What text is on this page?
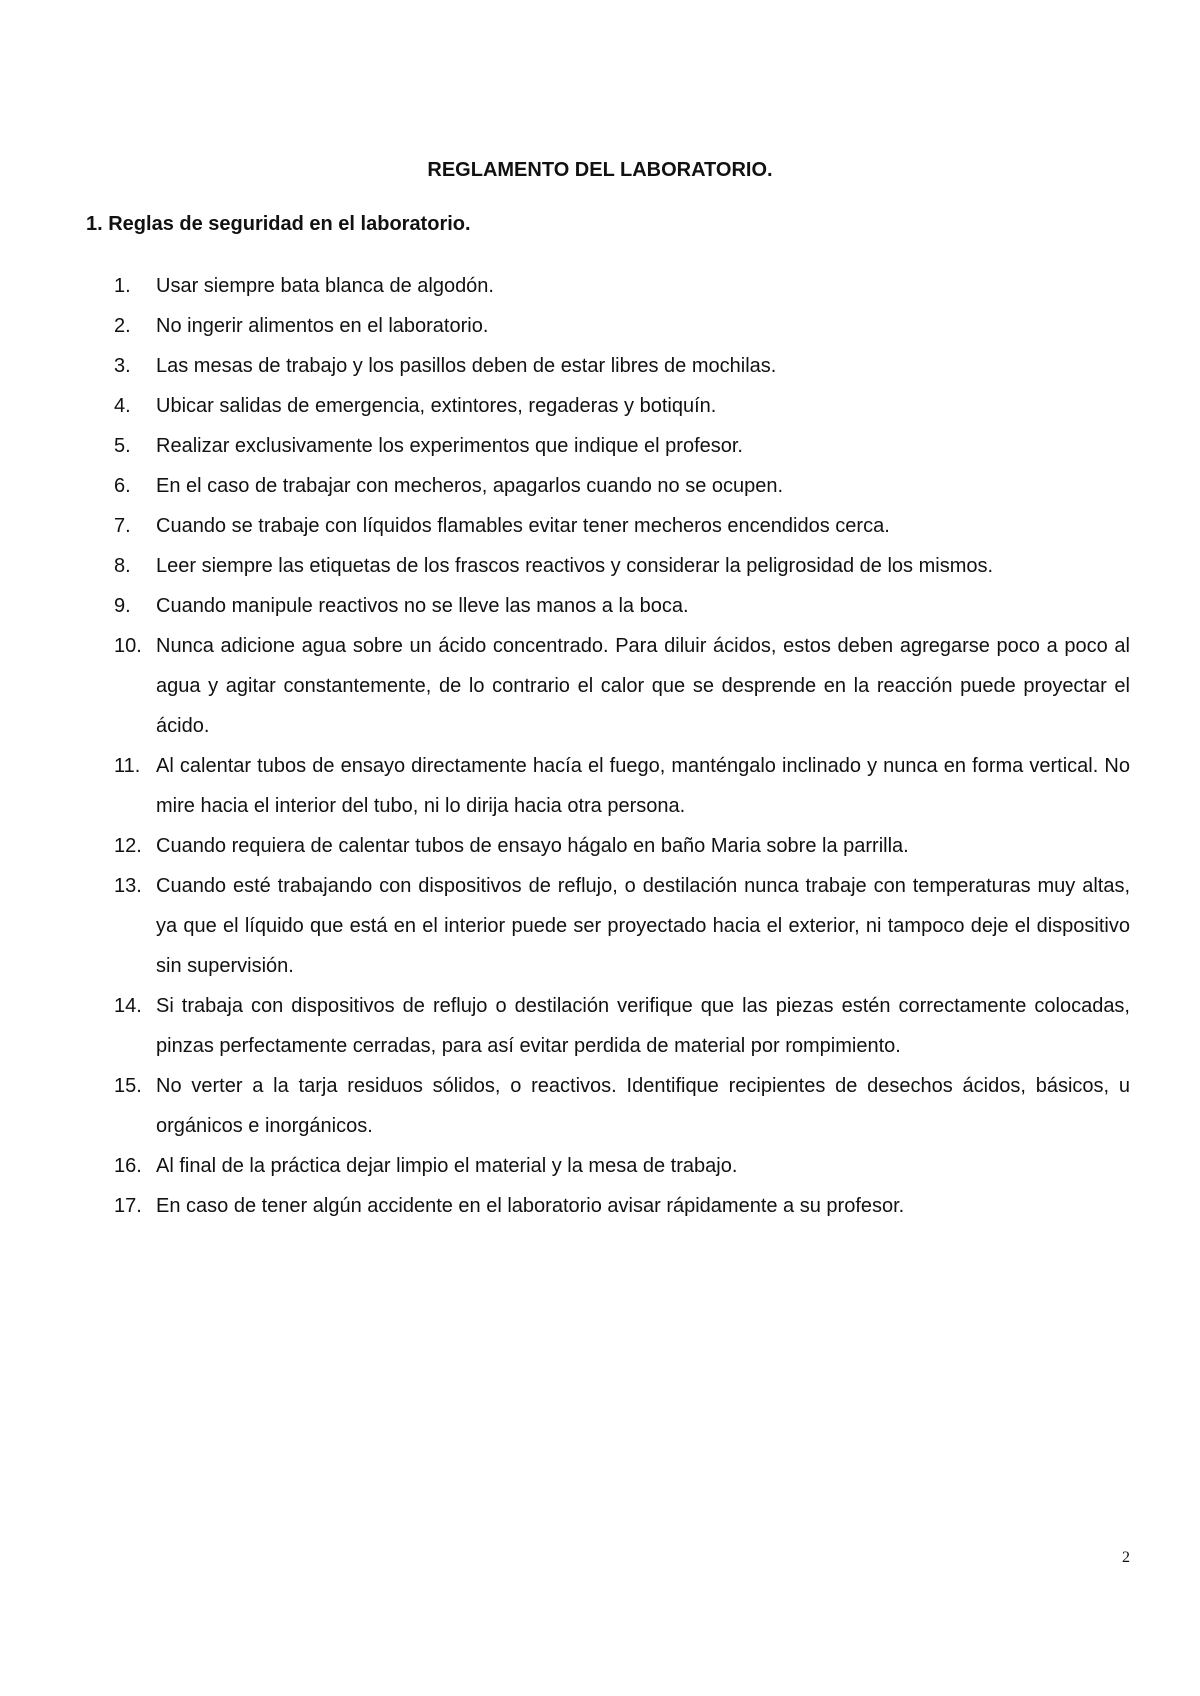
REGLAMENTO DEL LABORATORIO.
1. Reglas de seguridad en el laboratorio.
1.	Usar siempre bata blanca de algodón.
2.	No ingerir alimentos en el laboratorio.
3.	Las mesas de trabajo y los pasillos deben de estar libres de mochilas.
4.	Ubicar salidas de emergencia, extintores, regaderas y botiquín.
5.	Realizar exclusivamente los experimentos que indique el profesor.
6.	En el caso de trabajar con mecheros, apagarlos cuando no se ocupen.
7.	Cuando se trabaje con líquidos flamables evitar tener mecheros encendidos cerca.
8.	Leer siempre las etiquetas de los frascos reactivos y considerar la peligrosidad de los mismos.
9.	Cuando manipule reactivos no se lleve las manos a la boca.
10. Nunca adicione agua sobre un ácido concentrado. Para diluir ácidos, estos deben agregarse poco a poco al agua y agitar constantemente, de lo contrario el calor que se desprende en la reacción puede proyectar el ácido.
11. Al calentar tubos de ensayo directamente hacía el fuego, manténgalo inclinado y nunca en forma vertical. No mire hacia el interior del tubo, ni lo dirija hacia otra persona.
12. Cuando requiera de calentar tubos de ensayo hágalo en baño Maria sobre la parrilla.
13. Cuando esté trabajando con dispositivos de reflujo, o destilación nunca trabaje con temperaturas muy altas, ya que el líquido que está en el interior puede ser proyectado hacia el exterior, ni tampoco deje el dispositivo sin supervisión.
14. Si trabaja con dispositivos de reflujo o destilación verifique que las piezas estén correctamente colocadas, pinzas perfectamente cerradas, para así evitar perdida de material por rompimiento.
15. No verter a la tarja residuos sólidos, o reactivos. Identifique recipientes de desechos ácidos, básicos, u orgánicos e inorgánicos.
16. Al final de la práctica dejar limpio el material y la mesa de trabajo.
17. En caso de tener algún accidente en el laboratorio avisar rápidamente a su profesor.
2
